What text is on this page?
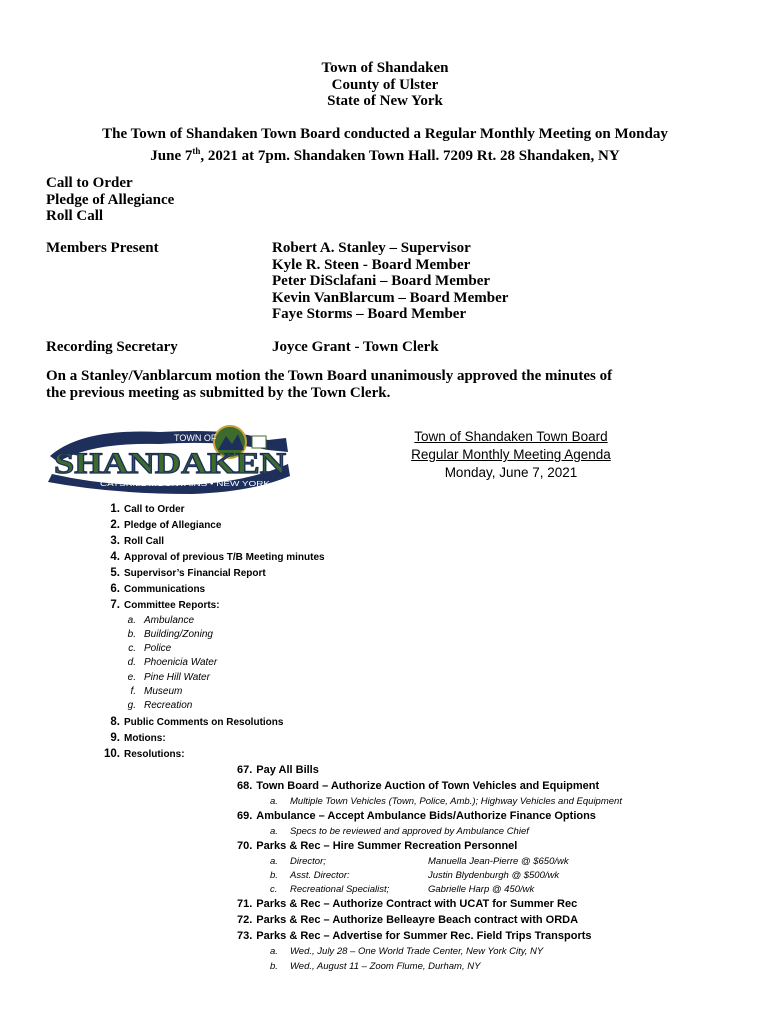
Town of Shandaken
County of Ulster
State of New York
The Town of Shandaken Town Board conducted a Regular Monthly Meeting on Monday
June 7th, 2021 at 7pm. Shandaken Town Hall. 7209 Rt. 28 Shandaken, NY
Call to Order
Pledge of Allegiance
Roll Call
Members Present	Robert A. Stanley – Supervisor
Kyle R. Steen - Board Member
Peter DiSclafani – Board Member
Kevin VanBlarcum – Board Member
Faye Storms – Board Member
Recording Secretary	Joyce Grant - Town Clerk
On a Stanley/Vanblarcum motion the Town Board unanimously approved the minutes of
the previous meeting as submitted by the Town Clerk.
TOWN OF
SHANDAKEN
CATSKILL MOUNTAINS • NEW YORK
Town of Shandaken Town Board
Regular Monthly Meeting Agenda
Monday, June 7, 2021
1. Call to Order
2. Pledge of Allegiance
3. Roll Call
4. Approval of previous T/B Meeting minutes
5. Supervisor’s Financial Report
6. Communications
7. Committee Reports:
a. Ambulance
b. Building/Zoning
c. Police
d. Phoenicia Water
e. Pine Hill Water
f. Museum
g. Recreation
8. Public Comments on Resolutions
9. Motions:
10. Resolutions:
67. Pay All Bills
68. Town Board – Authorize Auction of Town Vehicles and Equipment
a. Multiple Town Vehicles (Town, Police, Amb.); Highway Vehicles and Equipment
69. Ambulance – Accept Ambulance Bids/Authorize Finance Options
a. Specs to be reviewed and approved by Ambulance Chief
70. Parks & Rec – Hire Summer Recreation Personnel
a. Director;	Manuella Jean-Pierre @ $650/wk
b. Asst. Director:	Justin Blydenburgh @ $500/wk
c. Recreational Specialist;	Gabrielle Harp @ 450/wk
71. Parks & Rec – Authorize Contract with UCAT for Summer Rec
72. Parks & Rec – Authorize Belleayre Beach contract with ORDA
73. Parks & Rec – Advertise for Summer Rec. Field Trips Transports
a. Wed., July 28 – One World Trade Center, New York City, NY
b. Wed., August 11 – Zoom Flume, Durham, NY
